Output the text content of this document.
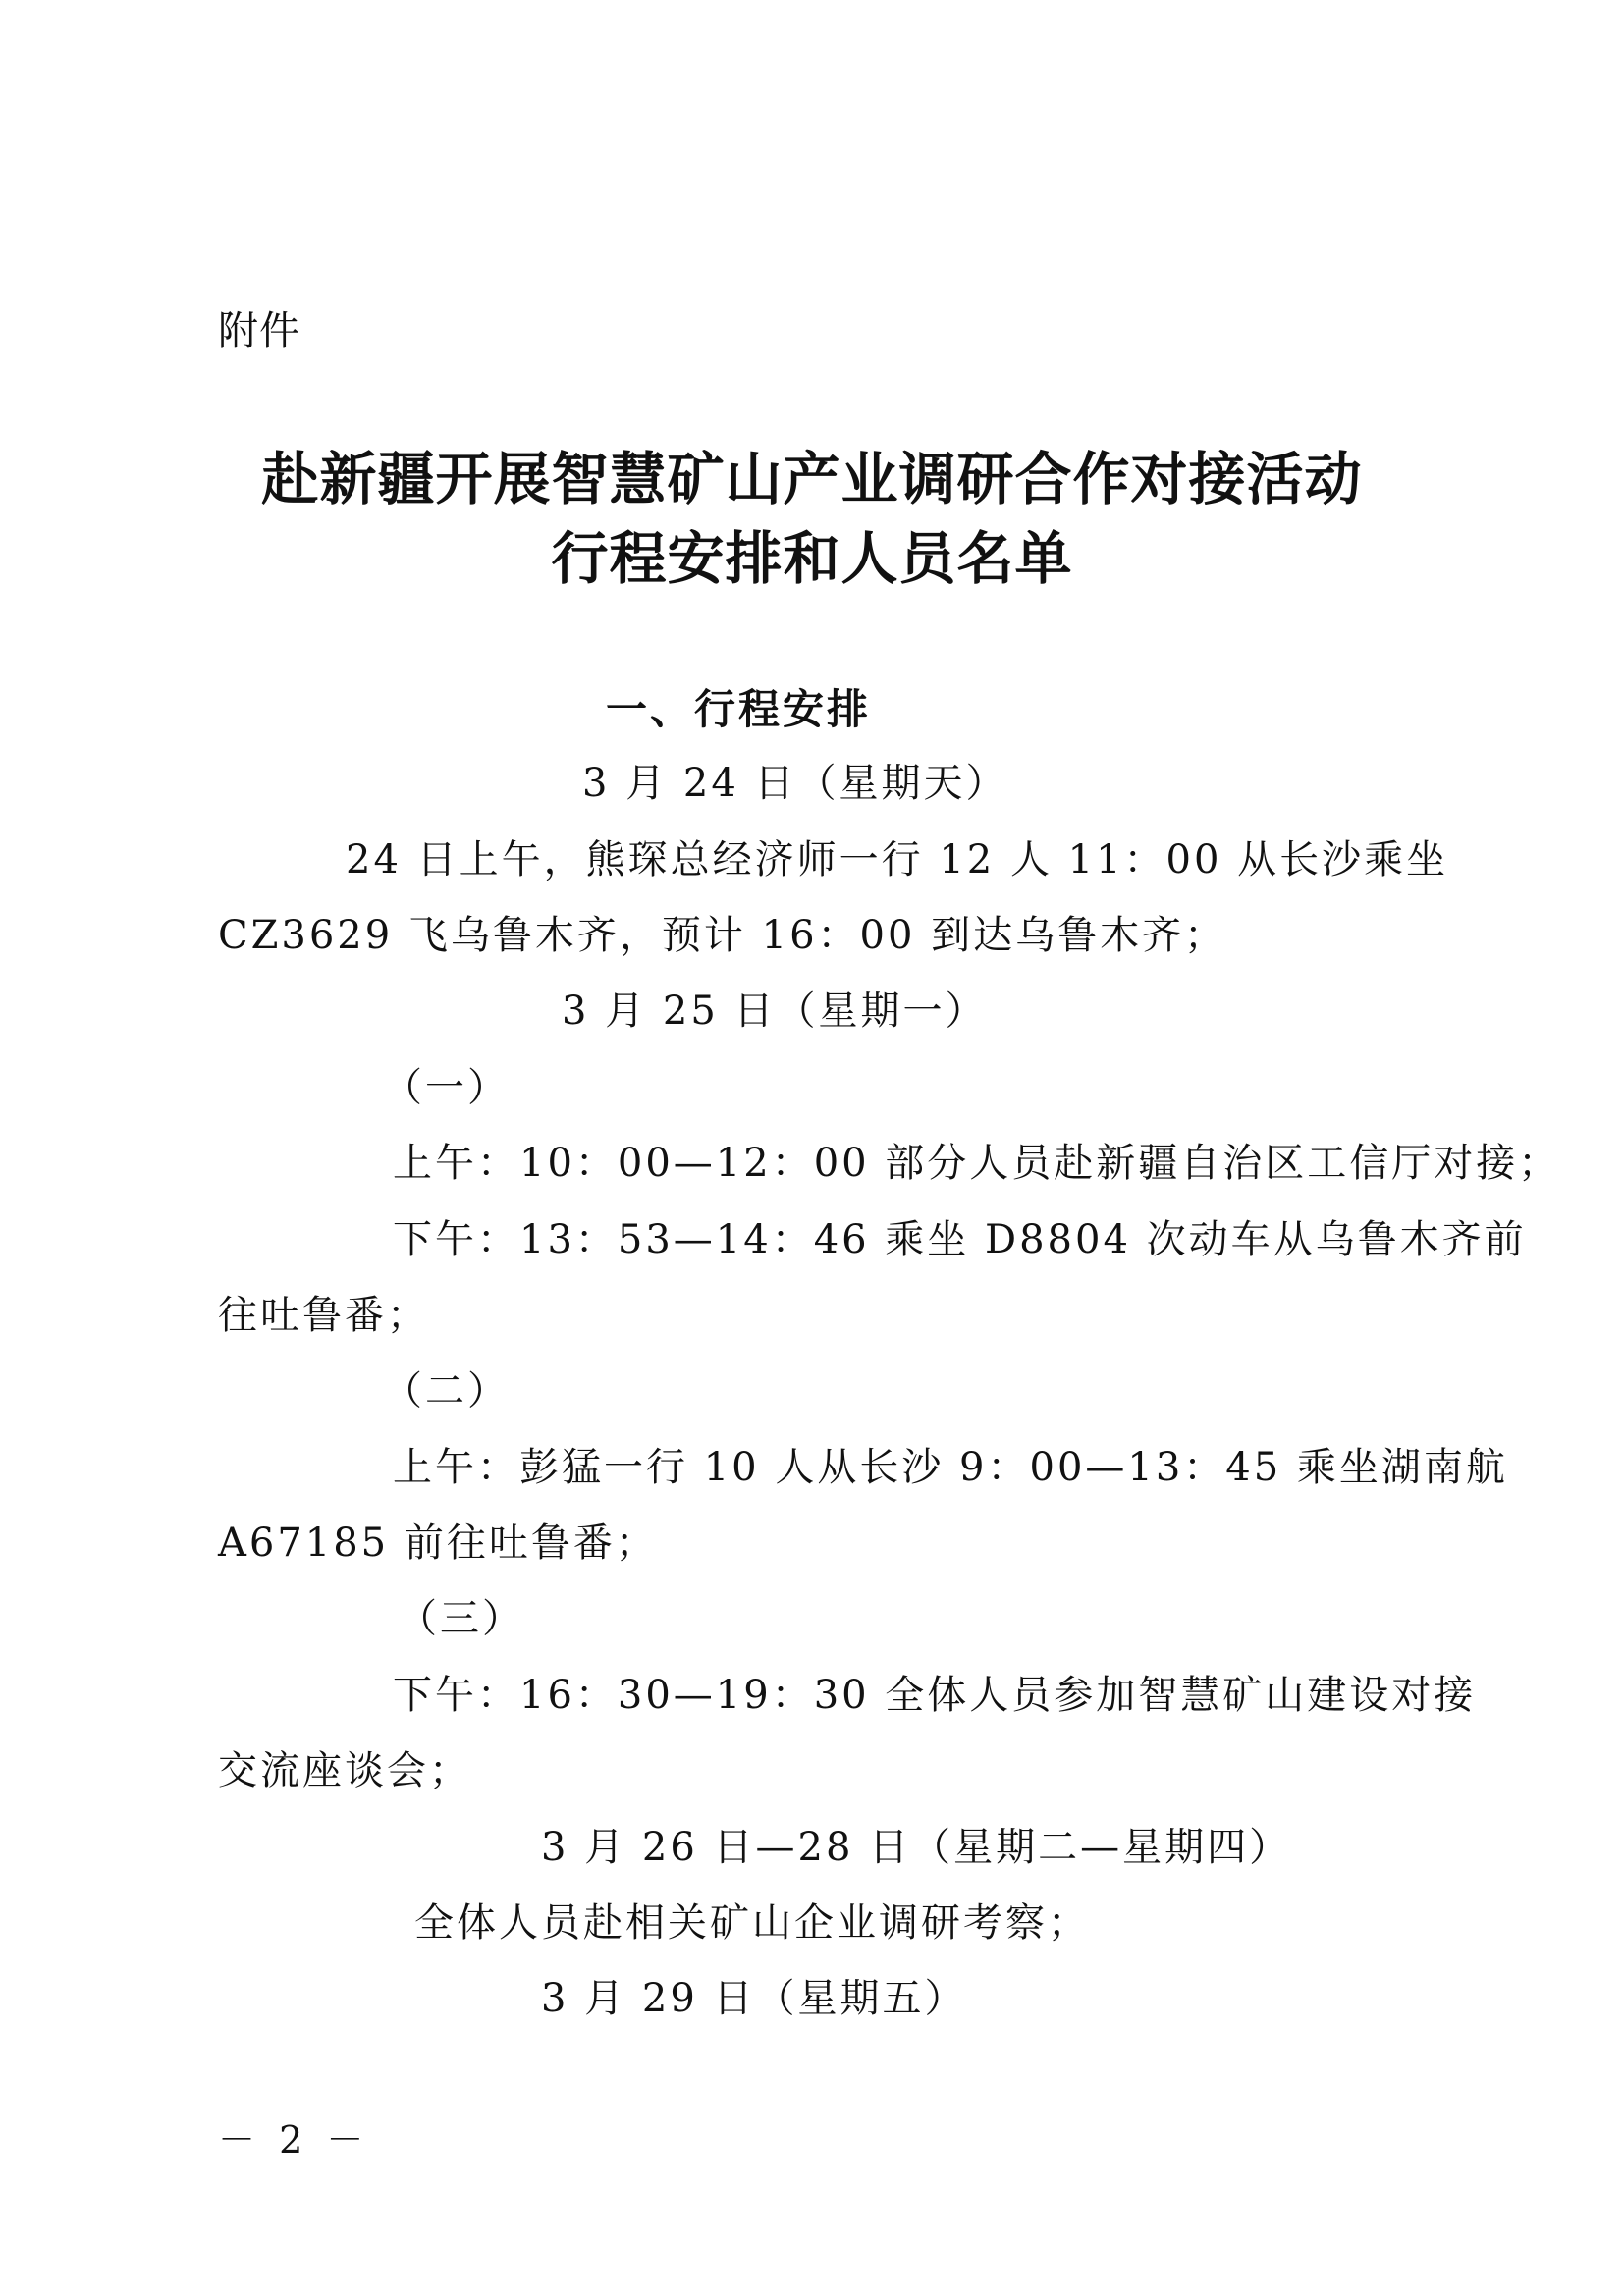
附件
赴新疆开展智慧矿山产业调研合作对接活动
行程安排和人员名单
一、行程安排
3 月 24 日（星期天）
24 日上午，熊琛总经济师一行 12 人 11：00 从长沙乘坐
CZ3629 飞乌鲁木齐，预计 16：00 到达乌鲁木齐；
3 月 25 日（星期一）
（一）
上午：10：00—12：00 部分人员赴新疆自治区工信厅对接；
下午：13：53—14：46 乘坐 D8804 次动车从乌鲁木齐前
往吐鲁番；
（二）
上午：彭猛一行 10 人从长沙 9：00—13：45 乘坐湖南航
A67185 前往吐鲁番；
（三）
下午：16：30—19：30 全体人员参加智慧矿山建设对接
交流座谈会；
3 月 26 日—28 日（星期二—星期四）
全体人员赴相关矿山企业调研考察；
3 月 29 日（星期五）
－ 2 －
